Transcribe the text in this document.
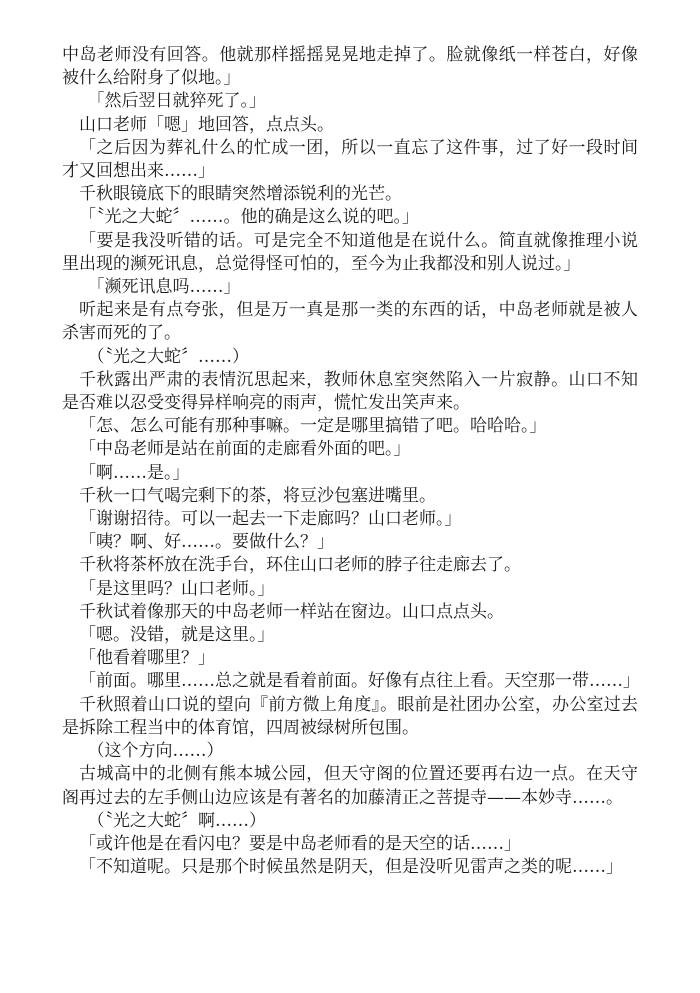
中岛老师没有回答。他就那样摇摇晃晃地走掉了。脸就像纸一样苍白，好像被什么给附身了似地。」

「然后翌日就猝死了。」

山口老师「嗯」地回答，点点头。

「之后因为葬礼什么的忙成一团，所以一直忘了这件事，过了好一段时间才又回想出来……」

千秋眼镜底下的眼睛突然增添锐利的光芒。

「〝光之大蛇〞……。他的确是这么说的吧。」

「要是我没听错的话。可是完全不知道他是在说什么。简直就像推理小说里出现的濒死讯息，总觉得怪可怕的，至今为止我都没和别人说过。」

「濒死讯息吗……」

听起来是有点夸张，但是万一真是那一类的东西的话，中岛老师就是被人杀害而死的了。

（〝光之大蛇〞……）

千秋露出严肃的表情沉思起来，教师休息室突然陷入一片寂静。山口不知是否难以忍受变得异样响亮的雨声，慌忙发出笑声来。

「怎、怎么可能有那种事嘛。一定是哪里搞错了吧。哈哈哈。」

「中岛老师是站在前面的走廊看外面的吧。」

「啊……是。」

千秋一口气喝完剩下的茶，将豆沙包塞进嘴里。

「谢谢招待。可以一起去一下走廊吗？山口老师。」

「咦？啊、好……。要做什么？」

千秋将茶杯放在洗手台，环住山口老师的脖子往走廊去了。

「是这里吗？山口老师。」

千秋试着像那天的中岛老师一样站在窗边。山口点点头。

「嗯。没错，就是这里。」

「他看着哪里？」

「前面。哪里……总之就是看着前面。好像有点往上看。天空那一带……」

千秋照着山口说的望向『前方微上角度』。眼前是社团办公室，办公室过去是拆除工程当中的体育馆，四周被绿树所包围。

（这个方向……）

古城高中的北侧有熊本城公园，但天守阁的位置还要再右边一点。在天守阁再过去的左手侧山边应该是有著名的加藤清正之菩提寺——本妙寺……。

（〝光之大蛇〞啊……）

「或许他是在看闪电？要是中岛老师看的是天空的话……」

「不知道呢。只是那个时候虽然是阴天，但是没听见雷声之类的呢……」
